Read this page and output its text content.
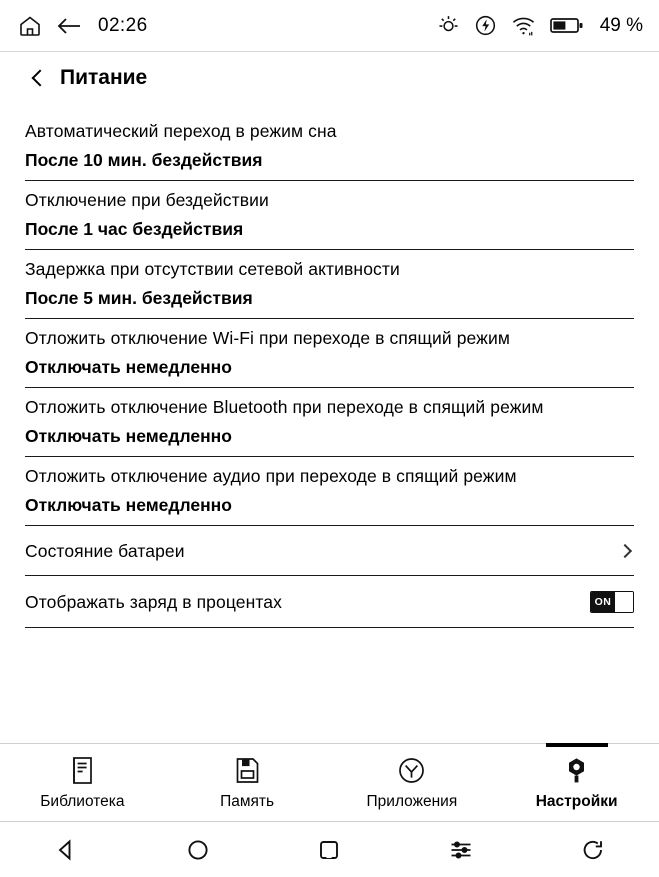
02:26	49 %
Питание
Автоматический переход в режим сна
После 10 мин. бездействия
Отключение при бездействии
После 1 час бездействия
Задержка при отсутствии сетевой активности
После 5 мин. бездействия
Отложить отключение Wi-Fi при переходе в спящий режим
Отключать немедленно
Отложить отключение Bluetooth при переходе в спящий режим
Отключать немедленно
Отложить отключение аудио при переходе в спящий режим
Отключать немедленно
Состояние батареи
Отображать заряд в процентах	ON
Библиотека	Память	Приложения	Настройки
